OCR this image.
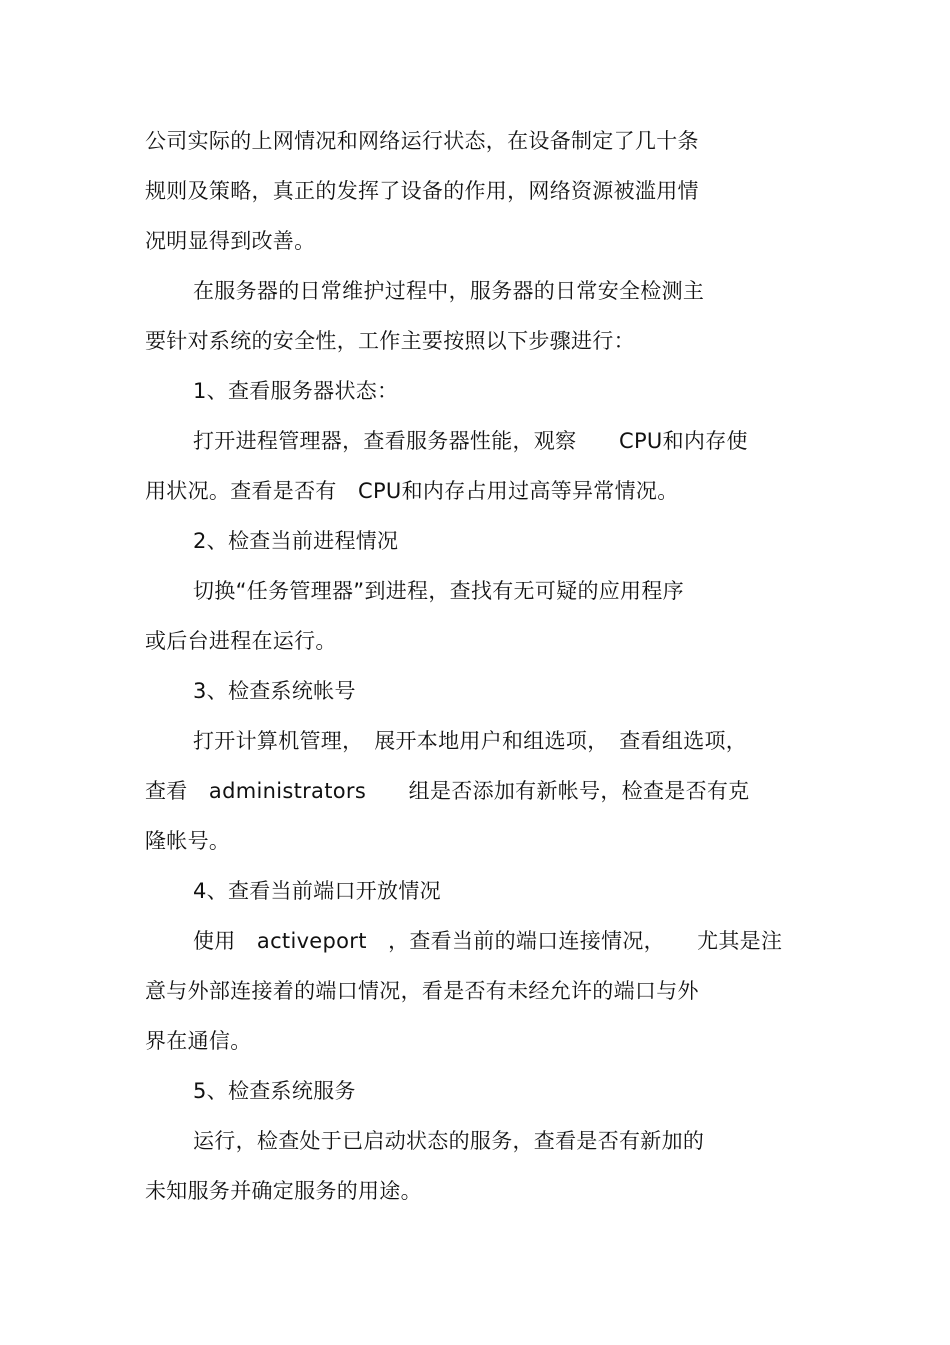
公司实际的上网情况和网络运行状态，在设备制定了几十条
规则及策略，真正的发挥了设备的作用，网络资源被滥用情
况明显得到改善。
在服务器的日常维护过程中，服务器的日常安全检测主
要针对系统的安全性，工作主要按照以下步骤进行：
1、查看服务器状态：
打开进程管理器，查看服务器性能，观察　　CPU和内存使
用状况。查看是否有　CPU和内存占用过高等异常情况。
2、检查当前进程情况
切换“任务管理器”到进程，查找有无可疑的应用程序
或后台进程在运行。
3、检查系统帐号
打开计算机管理，　展开本地用户和组选项，　查看组选项，
查看　administrators　　组是否添加有新帐号，检查是否有克
隆帐号。
4、查看当前端口开放情况
使用　activeport　，查看当前的端口连接情况，　　尤其是注
意与外部连接着的端口情况，看是否有未经允许的端口与外
界在通信。
5、检查系统服务
运行，检查处于已启动状态的服务，查看是否有新加的
未知服务并确定服务的用途。
